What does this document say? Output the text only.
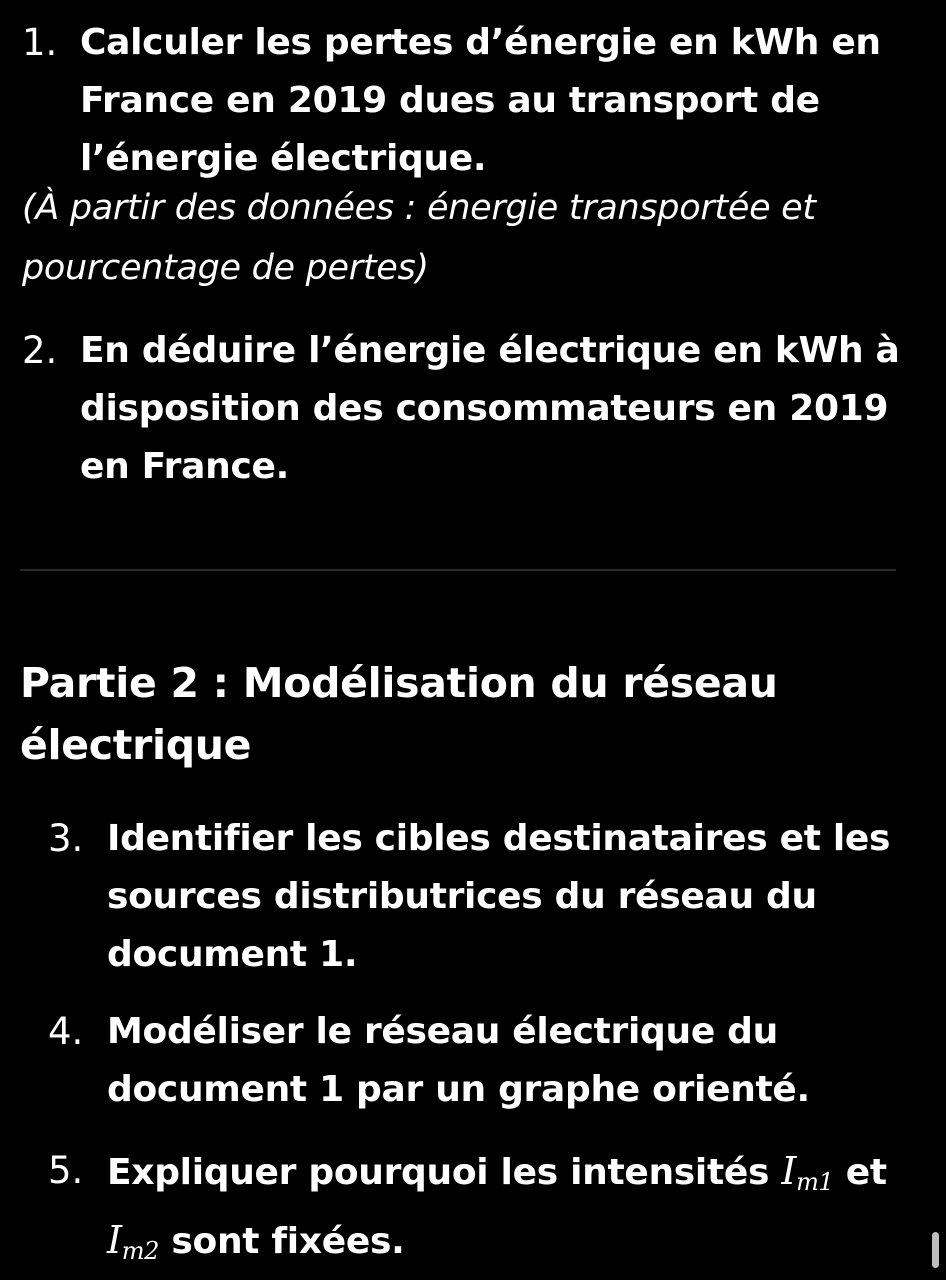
1. Calculer les pertes d’énergie en kWh en France en 2019 dues au transport de l’énergie électrique.
(À partir des données : énergie transportée et pourcentage de pertes)
2. En déduire l’énergie électrique en kWh à disposition des consommateurs en 2019 en France.
Partie 2 : Modélisation du réseau électrique
3. Identifier les cibles destinataires et les sources distributrices du réseau du document 1.
4. Modéliser le réseau électrique du document 1 par un graphe orienté.
5. Expliquer pourquoi les intensités $I_{m1}$ et
$I_{m2}$ sont fixées.
